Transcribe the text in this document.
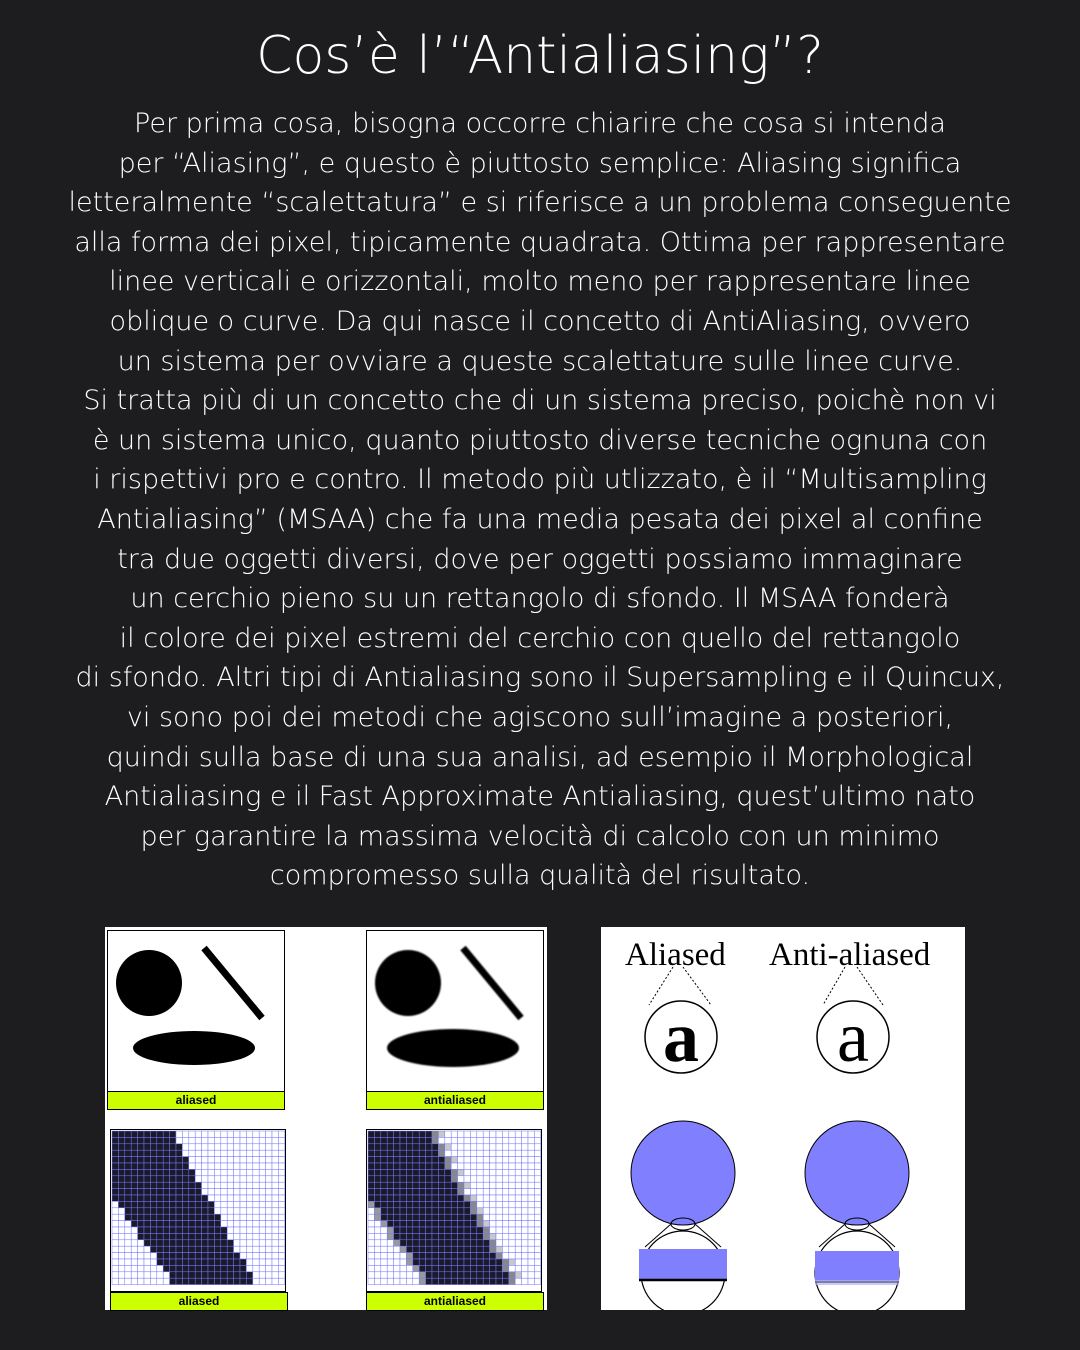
Cos’è l’“Antialiasing”?

Per prima cosa, bisogna occorre chiarire che cosa si intenda
per “Aliasing”, e questo è piuttosto semplice: Aliasing significa
letteralmente “scalettatura” e si riferisce a un problema conseguente
alla forma dei pixel, tipicamente quadrata. Ottima per rappresentare
linee verticali e orizzontali, molto meno per rappresentare linee
oblique o curve. Da qui nasce il concetto di AntiAliasing, ovvero
un sistema per ovviare a queste scalettature sulle linee curve.
Si tratta più di un concetto che di un sistema preciso, poichè non vi
è un sistema unico, quanto piuttosto diverse tecniche ognuna con
i rispettivi pro e contro. Il metodo più utlizzato, è il “Multisampling
Antialiasing” (MSAA) che fa una media pesata dei pixel al confine
tra due oggetti diversi, dove per oggetti possiamo immaginare
un cerchio pieno su un rettangolo di sfondo. Il MSAA fonderà
il colore dei pixel estremi del cerchio con quello del rettangolo
di sfondo. Altri tipi di Antialiasing sono il Supersampling e il Quincux,
vi sono poi dei metodi che agiscono sull’imagine a posteriori,
quindi sulla base di una sua analisi, ad esempio il Morphological
Antialiasing e il Fast Approximate Antialiasing, quest’ultimo nato
per garantire la massima velocità di calcolo con un minimo
compromesso sulla qualità del risultato.

aliased	antialiased
aliased	antialiased
Aliased Anti-aliased
a a
